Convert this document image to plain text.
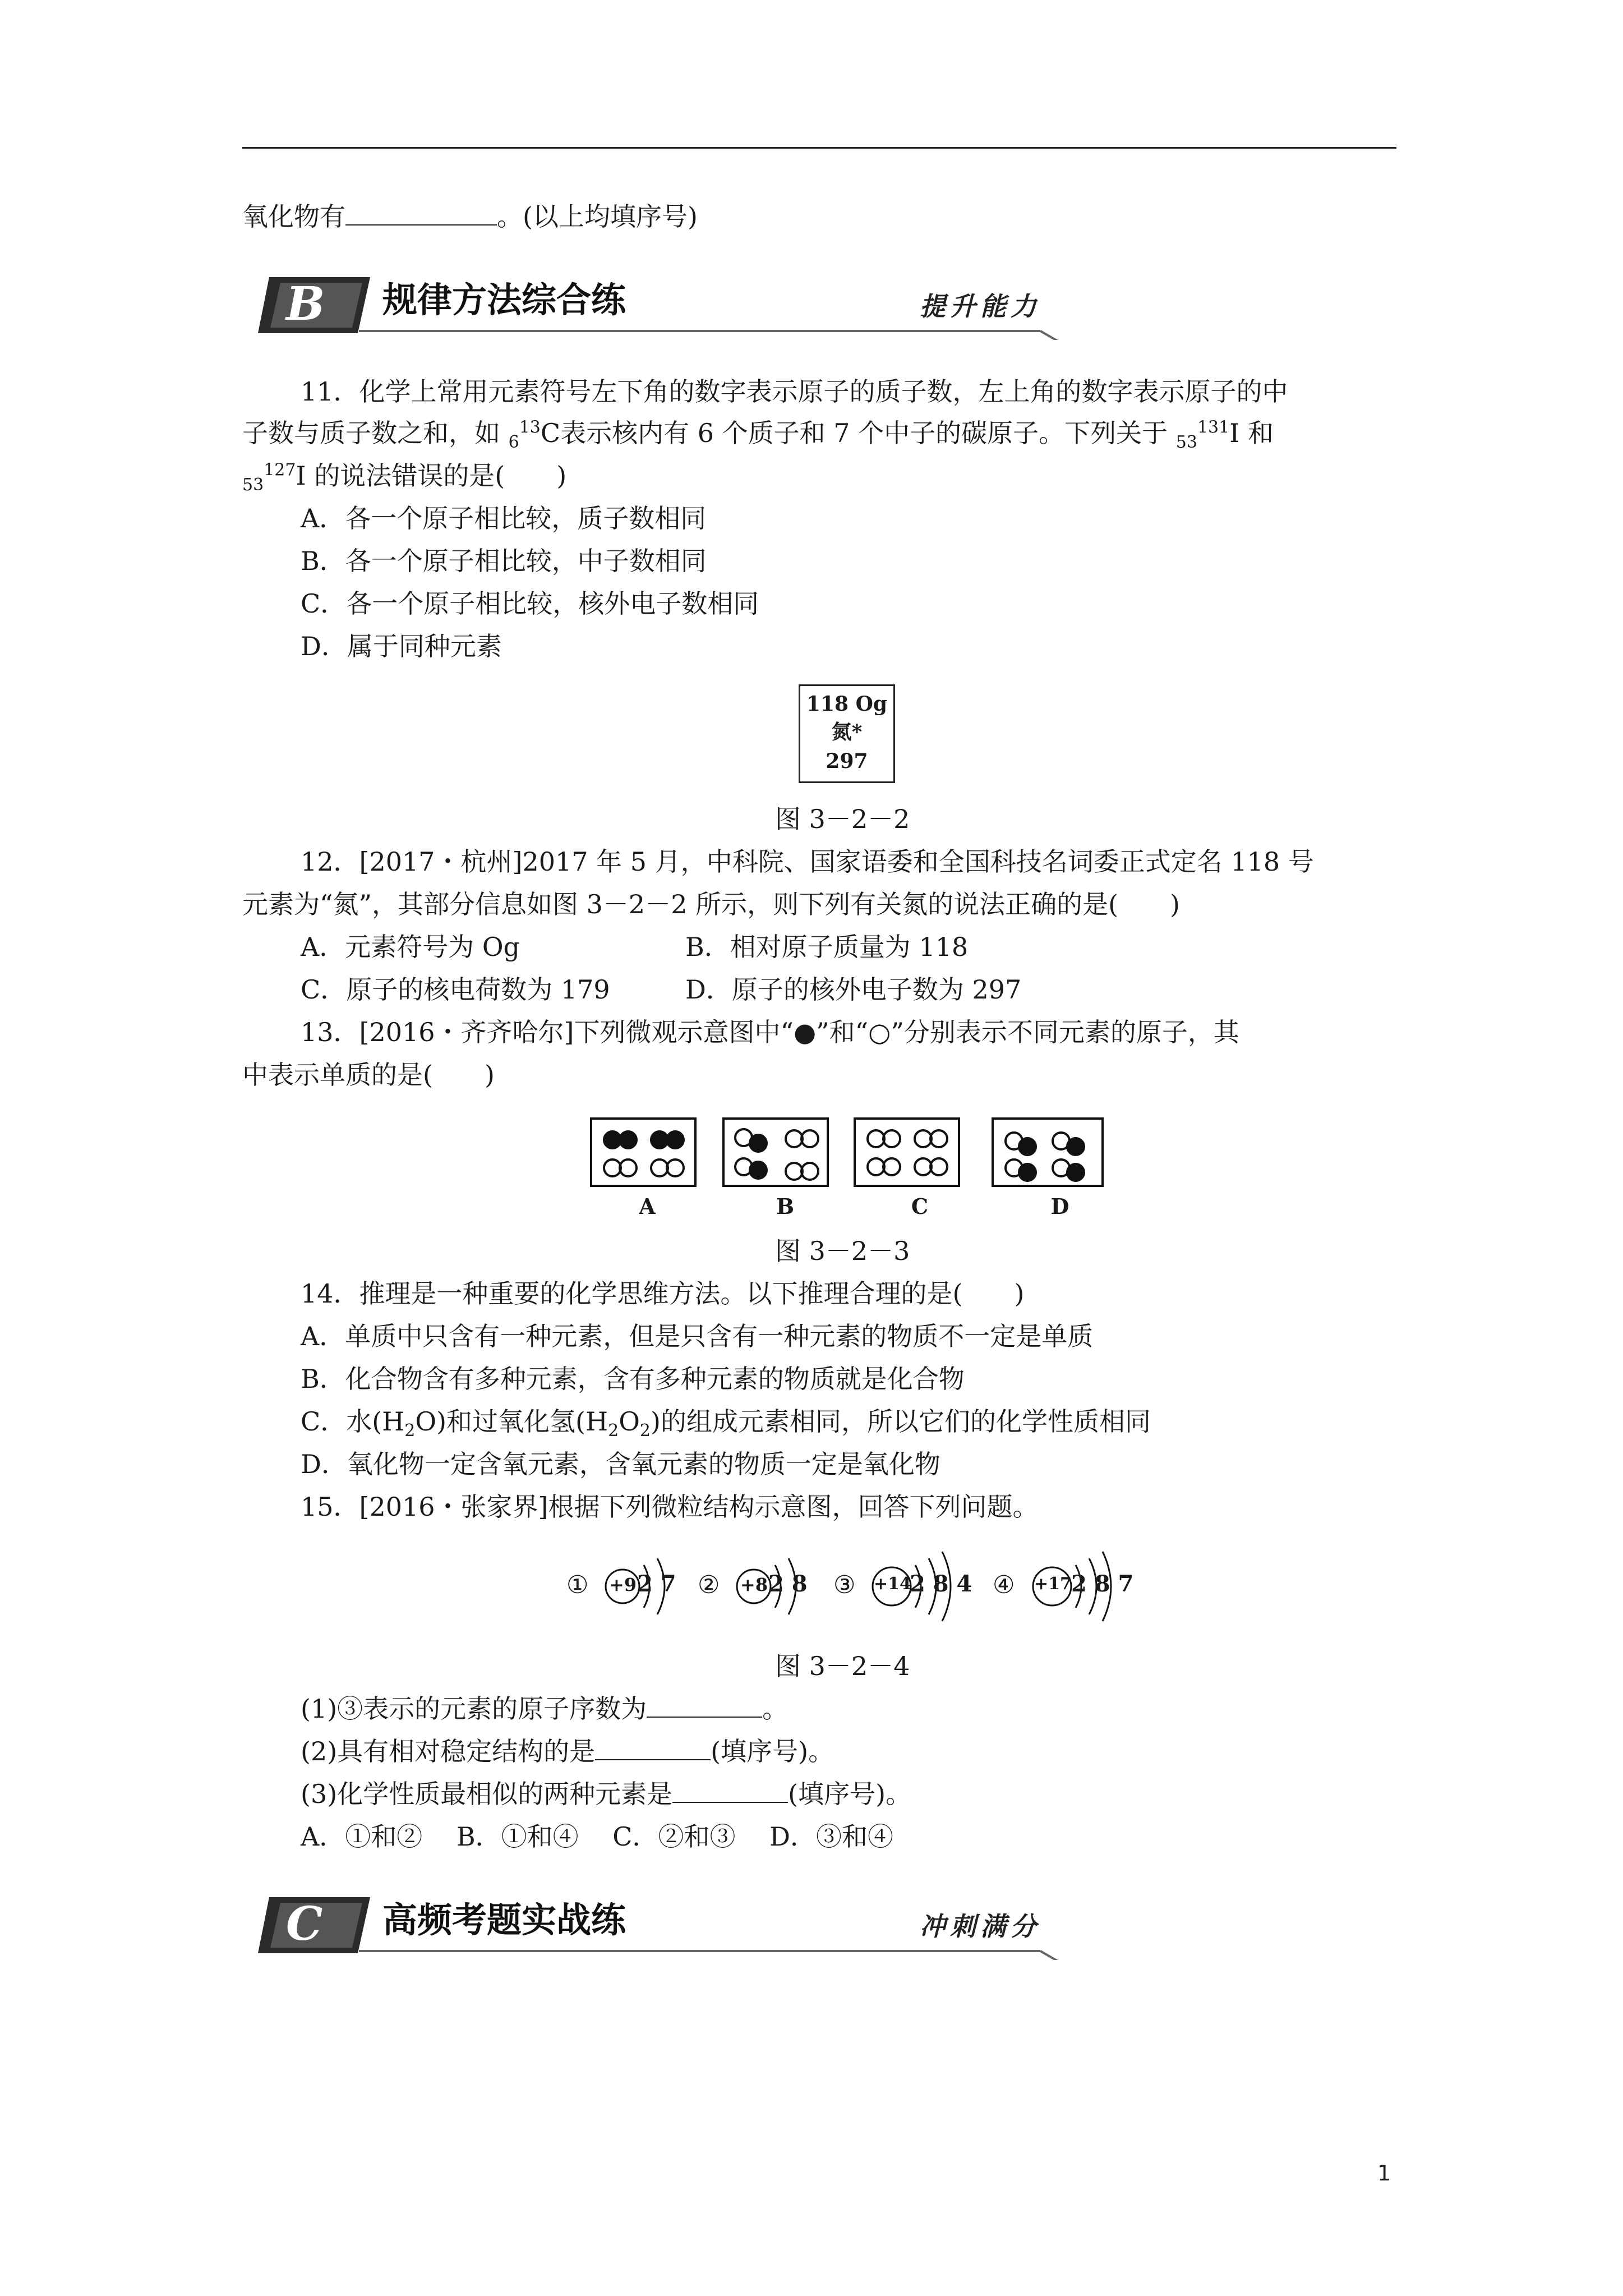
氧化物有	。(以上均填序号)
B 规律方法综合练	提升能力
11．化学上常用元素符号左下角的数字表示原子的质子数，左上角的数字表示原子的中
子数与质子数之和，如 $_6^{13}$C表示核内有 6 个质子和 7 个中子的碳原子。下列关于 $_{53}^{131}$I 和
$_{53}^{127}$I 的说法错误的是(　　)
A．各一个原子相比较，质子数相同
B．各一个原子相比较，中子数相同
C．各一个原子相比较，核外电子数相同
D．属于同种元素
118 Og
氮*
297
图 3－2－2
12．[2017・杭州]2017 年 5 月，中科院、国家语委和全国科技名词委正式定名 118 号
元素为“氮”，其部分信息如图 3－2－2 所示，则下列有关氮的说法正确的是(　　)
A．元素符号为 Og	B．相对原子质量为 118
C．原子的核电荷数为 179	D．原子的核外电子数为 297
13．[2016・齐齐哈尔]下列微观示意图中“●”和“○”分别表示不同元素的原子，其
中表示单质的是(　　)
A	B	C	D
图 3－2－3
14．推理是一种重要的化学思维方法。以下推理合理的是(　　)
A．单质中只含有一种元素，但是只含有一种元素的物质不一定是单质
B．化合物含有多种元素，含有多种元素的物质就是化合物
C．水$(H_2O)$和过氧化氢$(H_2O_2)$的组成元素相同，所以它们的化学性质相同
D．氧化物一定含氧元素，含氧元素的物质一定是氧化物
15．[2016・张家界]根据下列微粒结构示意图，回答下列问题。
① +9 2 7 ② +8 2 8 ③ +14
2 8 4 ④ +17 2 8 7
图 3－2－4
(1)③表示的元素的原子序数为	。
(2)具有相对稳定结构的是	(填序号)。
(3)化学性质最相似的两种元素是	(填序号)。
A．①和②　 B．①和④　 C．②和③　 D．③和④
C 高频考题实战练	冲刺满分
1
